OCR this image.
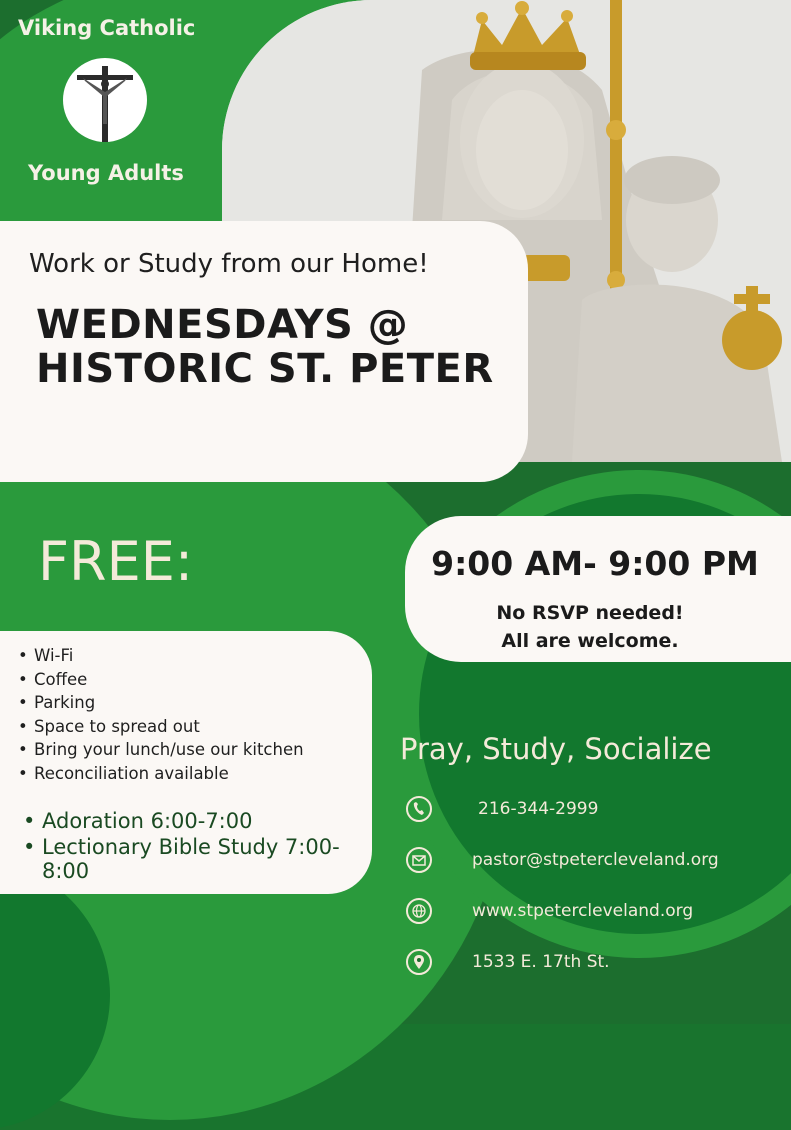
Viking Catholic
Young Adults
Work or Study from our Home!
WEDNESDAYS @ HISTORIC ST. PETER
FREE:
• Wi-Fi
• Coffee
• Parking
• Space to spread out
• Bring your lunch/use our kitchen
• Reconciliation available
• Adoration 6:00-7:00
• Lectionary Bible Study 7:00-8:00
9:00 AM- 9:00 PM
No RSVP needed!
All are welcome.
Pray, Study, Socialize
216-344-2999
pastor@stpetercleveland.org
www.stpetercleveland.org
1533 E. 17th St.
